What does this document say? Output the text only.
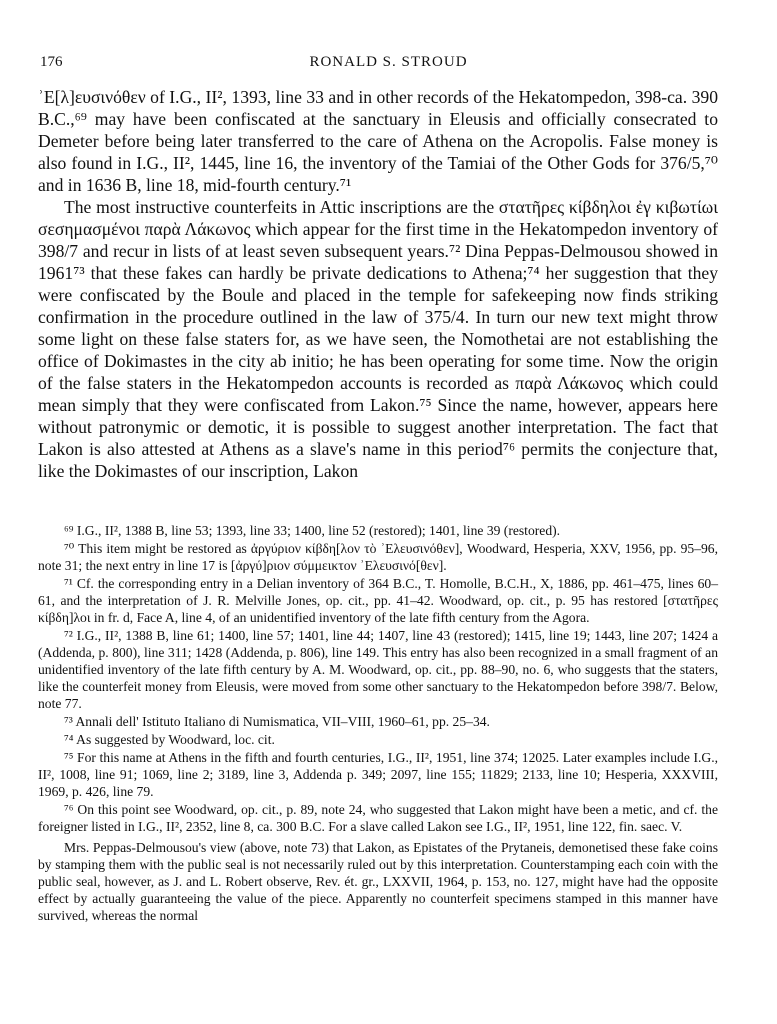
176	RONALD S. STROUD

ʾΕ[λ]ευσινόθεν of I.G., II², 1393, line 33 and in other records of the Hekatompedon, 398-ca. 390 B.C.,⁶⁹ may have been confiscated at the sanctuary in Eleusis and officially consecrated to Demeter before being later transferred to the care of Athena on the Acropolis. False money is also found in I.G., II², 1445, line 16, the inventory of the Tamiai of the Other Gods for 376/5,⁷⁰ and in 1636 B, line 18, mid-fourth century.⁷¹

The most instructive counterfeits in Attic inscriptions are the στατῆρες κίβδηλοι ἐγ κιβωτίωι σεσημασμένοι παρὰ Λάκωνος which appear for the first time in the Hekatompedon inventory of 398/7 and recur in lists of at least seven subsequent years.⁷² Dina Peppas-Delmousou showed in 1961⁷³ that these fakes can hardly be private dedications to Athena;⁷⁴ her suggestion that they were confiscated by the Boule and placed in the temple for safekeeping now finds striking confirmation in the procedure outlined in the law of 375/4. In turn our new text might throw some light on these false staters for, as we have seen, the Nomothetai are not establishing the office of Dokimastes in the city ab initio; he has been operating for some time. Now the origin of the false staters in the Hekatompedon accounts is recorded as παρὰ Λάκωνος which could mean simply that they were confiscated from Lakon.⁷⁵ Since the name, however, appears here without patronymic or demotic, it is possible to suggest another interpretation. The fact that Lakon is also attested at Athens as a slave's name in this period⁷⁶ permits the conjecture that, like the Dokimastes of our inscription, Lakon

⁶⁹ I.G., II², 1388 B, line 53; 1393, line 33; 1400, line 52 (restored); 1401, line 39 (restored).

⁷⁰ This item might be restored as ἀργύριον κίβδη[λον τὸ ʾΕλευσινόθεν], Woodward, Hesperia, XXV, 1956, pp. 95–96, note 31; the next entry in line 17 is [ἀργύ]ριον σύμμεικτον ʾΕλευσινό[θεν].

⁷¹ Cf. the corresponding entry in a Delian inventory of 364 B.C., T. Homolle, B.C.H., X, 1886, pp. 461–475, lines 60–61, and the interpretation of J. R. Melville Jones, op. cit., pp. 41–42. Woodward, op. cit., p. 95 has restored [στατῆρες κίβδη]λοι in fr. d, Face A, line 4, of an unidentified inventory of the late fifth century from the Agora.

⁷² I.G., II², 1388 B, line 61; 1400, line 57; 1401, line 44; 1407, line 43 (restored); 1415, line 19; 1443, line 207; 1424 a (Addenda, p. 800), line 311; 1428 (Addenda, p. 806), line 149. This entry has also been recognized in a small fragment of an unidentified inventory of the late fifth century by A. M. Woodward, op. cit., pp. 88–90, no. 6, who suggests that the staters, like the counterfeit money from Eleusis, were moved from some other sanctuary to the Hekatompedon before 398/7. Below, note 77.

⁷³ Annali dell' Istituto Italiano di Numismatica, VII–VIII, 1960–61, pp. 25–34.

⁷⁴ As suggested by Woodward, loc. cit.

⁷⁵ For this name at Athens in the fifth and fourth centuries, I.G., II², 1951, line 374; 12025. Later examples include I.G., II², 1008, line 91; 1069, line 2; 3189, line 3, Addenda p. 349; 2097, line 155; 11829; 2133, line 10; Hesperia, XXXVIII, 1969, p. 426, line 79.

⁷⁶ On this point see Woodward, op. cit., p. 89, note 24, who suggested that Lakon might have been a metic, and cf. the foreigner listed in I.G., II², 2352, line 8, ca. 300 B.C. For a slave called Lakon see I.G., II², 1951, line 122, fin. saec. V.

Mrs. Peppas-Delmousou's view (above, note 73) that Lakon, as Epistates of the Prytaneis, demonetised these fake coins by stamping them with the public seal is not necessarily ruled out by this interpretation. Counterstamping each coin with the public seal, however, as J. and L. Robert observe, Rev. ét. gr., LXXVII, 1964, p. 153, no. 127, might have had the opposite effect by actually guaranteeing the value of the piece. Apparently no counterfeit specimens stamped in this manner have survived, whereas the normal
